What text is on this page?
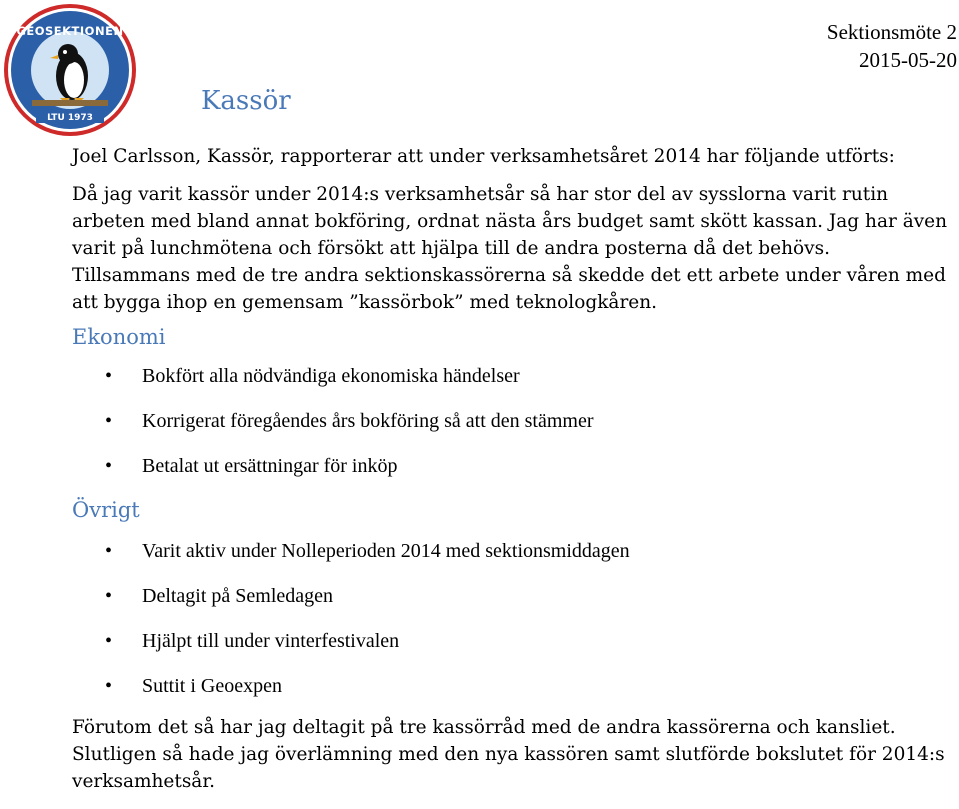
GEOSEKTIONEN
LTU 1973
Sektionsmöte 2
2015-05-20
Kassör

Joel Carlsson, Kassör, rapporterar att under verksamhetsåret 2014 har följande utförts:

Då jag varit kassör under 2014:s verksamhetsår så har stor del av sysslorna varit rutin arbeten med bland annat bokföring, ordnat nästa års budget samt skött kassan. Jag har även varit på lunchmötena och försökt att hjälpa till de andra posterna då det behövs. Tillsammans med de tre andra sektionskassörerna så skedde det ett arbete under våren med att bygga ihop en gemensam ”kassörbok” med teknologkåren.

Ekonomi
• Bokfört alla nödvändiga ekonomiska händelser
• Korrigerat föregåendes års bokföring så att den stämmer
• Betalat ut ersättningar för inköp
Övrigt
• Varit aktiv under Nolleperioden 2014 med sektionsmiddagen
• Deltagit på Semledagen
• Hjälpt till under vinterfestivalen
• Suttit i Geoexpen

Förutom det så har jag deltagit på tre kassörråd med de andra kassörerna och kansliet. Slutligen så hade jag överlämning med den nya kassören samt slutförde bokslutet för 2014:s verksamhetsår.
